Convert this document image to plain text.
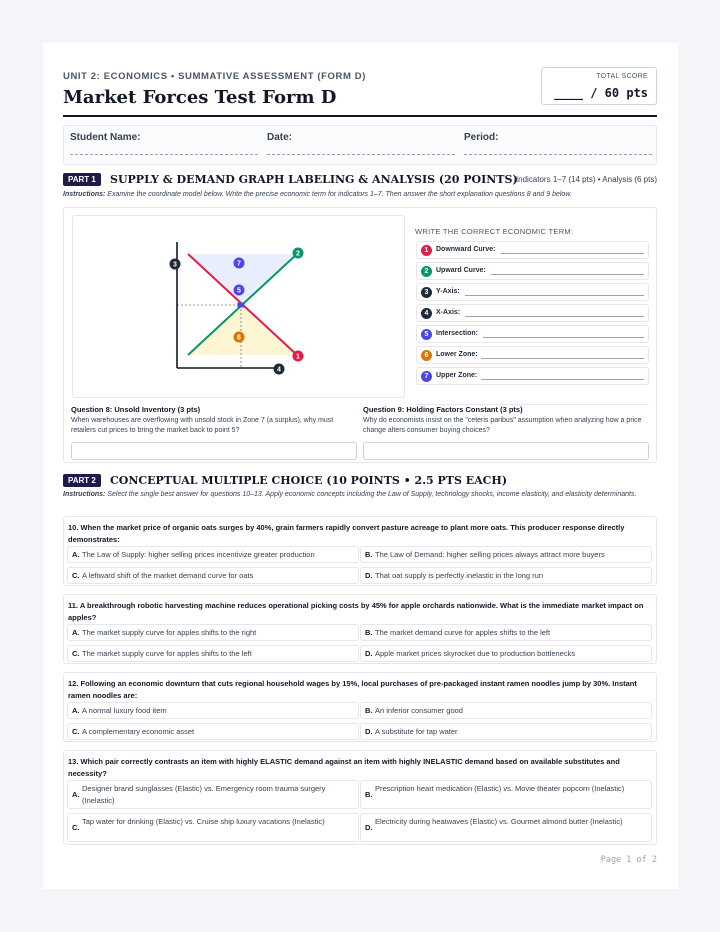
UNIT 2: ECONOMICS • SUMMATIVE ASSESSMENT (FORM D)
Market Forces Test Form D
TOTAL SCORE
____ / 60 pts
Student Name:	Date:	Period:
PART 1	SUPPLY & DEMAND GRAPH LABELING & ANALYSIS (20 POINTS)
Indicators 1–7 (14 pts) • Analysis (6 pts)
Instructions: Examine the coordinate model below. Write the precise economic term for indicators 1–7. Then answer the short explanation questions 8 and 9 below.
1
2
3
4
5
6
7
WRITE THE CORRECT ECONOMIC TERM:
1	Downward Curve:
2	Upward Curve:
3	Y-Axis:
4	X-Axis:
5	Intersection:
6	Lower Zone:
7	Upper Zone:
Question 8: Unsold Inventory (3 pts)
When warehouses are overflowing with unsold stock in Zone 7 (a surplus), why must retailers cut prices to bring the market back to point 5?
Question 9: Holding Factors Constant (3 pts)
Why do economists insist on the "ceteris paribus" assumption when analyzing how a price change alters consumer buying choices?
PART 2	CONCEPTUAL MULTIPLE CHOICE (10 POINTS • 2.5 PTS EACH)
Instructions: Select the single best answer for questions 10–13. Apply economic concepts including the Law of Supply, technology shocks, income elasticity, and elasticity determinants.
10. When the market price of organic oats surges by 40%, grain farmers rapidly convert pasture acreage to plant more oats. This producer response directly demonstrates:
A. The Law of Supply: higher selling prices incentivize greater production	B. The Law of Demand: higher selling prices always attract more buyers
C. A leftward shift of the market demand curve for oats	D. That oat supply is perfectly inelastic in the long run
11. A breakthrough robotic harvesting machine reduces operational picking costs by 45% for apple orchards nationwide. What is the immediate market impact on apples?
A. The market supply curve for apples shifts to the right	B. The market demand curve for apples shifts to the left
C. The market supply curve for apples shifts to the left	D. Apple market prices skyrocket due to production bottlenecks
12. Following an economic downturn that cuts regional household wages by 15%, local purchases of pre-packaged instant ramen noodles jump by 30%. Instant ramen noodles are:
A. A normal luxury food item	B. An inferior consumer good
C. A complementary economic asset	D. A substitute for tap water
13. Which pair correctly contrasts an item with highly ELASTIC demand against an item with highly INELASTIC demand based on available substitutes and necessity?
A.
Designer brand sunglasses (Elastic) vs. Emergency room trauma surgery (Inelastic)
B.
Prescription heart medication (Elastic) vs. Movie theater popcorn (Inelastic)
C.
Tap water for drinking (Elastic) vs. Cruise ship luxury vacations (Inelastic)
D.
Electricity during heatwaves (Elastic) vs. Gourmet almond butter (Inelastic)
Page 1 of 2
